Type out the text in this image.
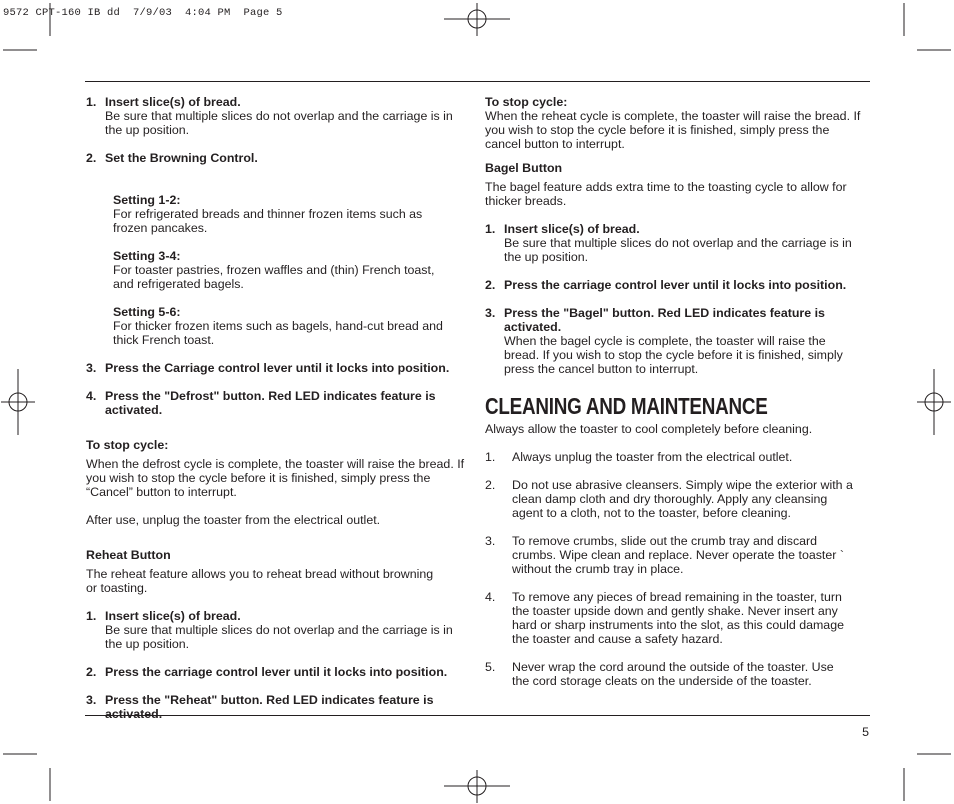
9572 CPT-160 IB dd  7/9/03  4:04 PM  Page 5
1. Insert slice(s) of bread.

Be sure that multiple slices do not overlap and the carriage is in the up position.

2. Set the Browning Control.

Setting 1-2:

For refrigerated breads and thinner frozen items such as frozen pancakes.

Setting 3-4:

For toaster pastries, frozen waffles and (thin) French toast, and refrigerated bagels.

Setting 5-6:

For thicker frozen items such as bagels, hand-cut bread and thick French toast.

3. Press the Carriage control lever until it locks into position.

4. Press the "Defrost" button. Red LED indicates feature is activated.

To stop cycle:

When the defrost cycle is complete, the toaster will raise the bread. If you wish to stop the cycle before it is finished, simply press the “Cancel” button to interrupt.

After use, unplug the toaster from the electrical outlet.

Reheat Button

The reheat feature allows you to reheat bread without browning or toasting.

1. Insert slice(s) of bread.

Be sure that multiple slices do not overlap and the carriage is in the up position.

2. Press the carriage control lever until it locks into position.

3. Press the "Reheat" button. Red LED indicates feature is activated.

To stop cycle:

When the reheat cycle is complete, the toaster will raise the bread. If you wish to stop the cycle before it is finished, simply press the cancel button to interrupt.

Bagel Button

The bagel feature adds extra time to the toasting cycle to allow for thicker breads.

1. Insert slice(s) of bread.

Be sure that multiple slices do not overlap and the carriage is in the up position.

2. Press the carriage control lever until it locks into position.

3. Press the "Bagel" button. Red LED indicates feature is activated.

When the bagel cycle is complete, the toaster will raise the bread. If you wish to stop the cycle before it is finished, simply press the cancel button to interrupt.

CLEANING AND MAINTENANCE

Always allow the toaster to cool completely before cleaning.

1.	Always unplug the toaster from the electrical outlet.

2.	Do not use abrasive cleansers. Simply wipe the exterior with a clean damp cloth and dry thoroughly. Apply any cleansing agent to a cloth, not to the toaster, before cleaning.

3.	To remove crumbs, slide out the crumb tray and discard crumbs. Wipe clean and replace. Never operate the toaster ` without the crumb tray in place.

4.	To remove any pieces of bread remaining in the toaster, turn the toaster upside down and gently shake. Never insert any hard or sharp instruments into the slot, as this could damage the toaster and cause a safety hazard.

5.	Never wrap the cord around the outside of the toaster. Use the cord storage cleats on the underside of the toaster.

5
